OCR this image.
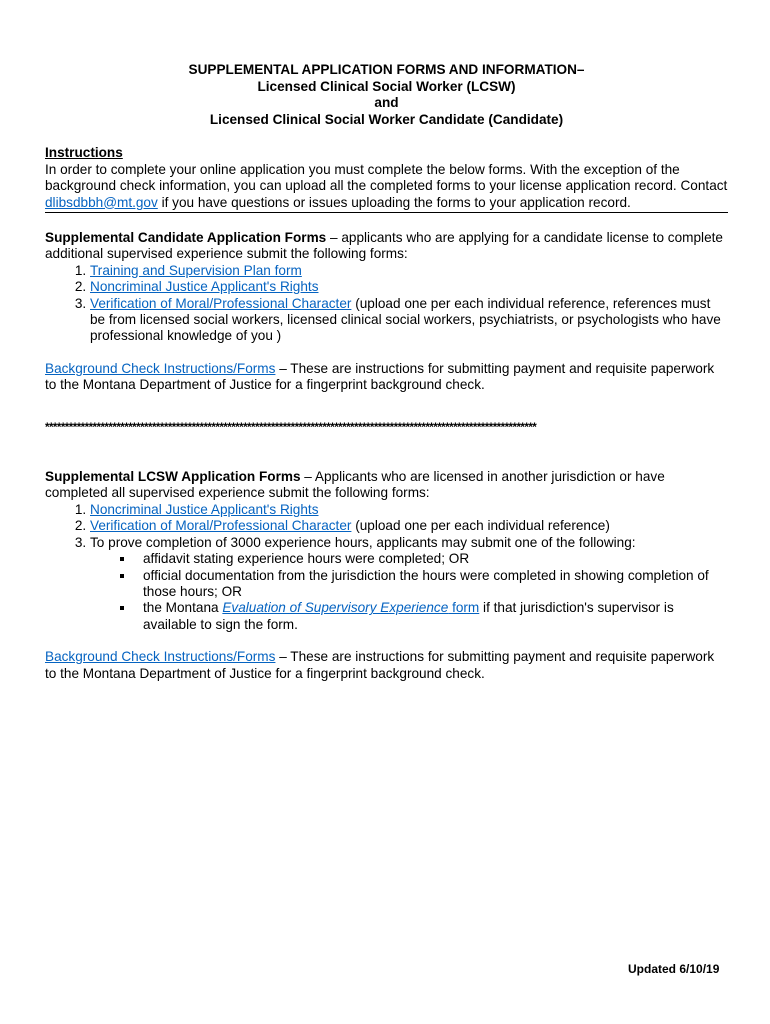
SUPPLEMENTAL APPLICATION FORMS AND INFORMATION–
Licensed Clinical Social Worker (LCSW)
and
Licensed Clinical Social Worker Candidate (Candidate)
Instructions
In order to complete your online application you must complete the below forms. With the exception of the background check information, you can upload all the completed forms to your license application record. Contact dlibsdbbh@mt.gov if you have questions or issues uploading the forms to your application record.
Supplemental Candidate Application Forms – applicants who are applying for a candidate license to complete additional supervised experience submit the following forms:
1. Training and Supervision Plan form
2. Noncriminal Justice Applicant's Rights
3. Verification of Moral/Professional Character (upload one per each individual reference, references must be from licensed social workers, licensed clinical social workers, psychiatrists, or psychologists who have professional knowledge of you )
Background Check Instructions/Forms – These are instructions for submitting payment and requisite paperwork to the Montana Department of Justice for a fingerprint background check.
****************************************************************************************************************************
Supplemental LCSW Application Forms – Applicants who are licensed in another jurisdiction or have completed all supervised experience submit the following forms:
1. Noncriminal Justice Applicant's Rights
2. Verification of Moral/Professional Character (upload one per each individual reference)
3. To prove completion of 3000 experience hours, applicants may submit one of the following:
▪ affidavit stating experience hours were completed; OR
▪ official documentation from the jurisdiction the hours were completed in showing completion of those hours; OR
▪ the Montana Evaluation of Supervisory Experience form if that jurisdiction's supervisor is available to sign the form.
Background Check Instructions/Forms – These are instructions for submitting payment and requisite paperwork to the Montana Department of Justice for a fingerprint background check.
Updated 6/10/19
